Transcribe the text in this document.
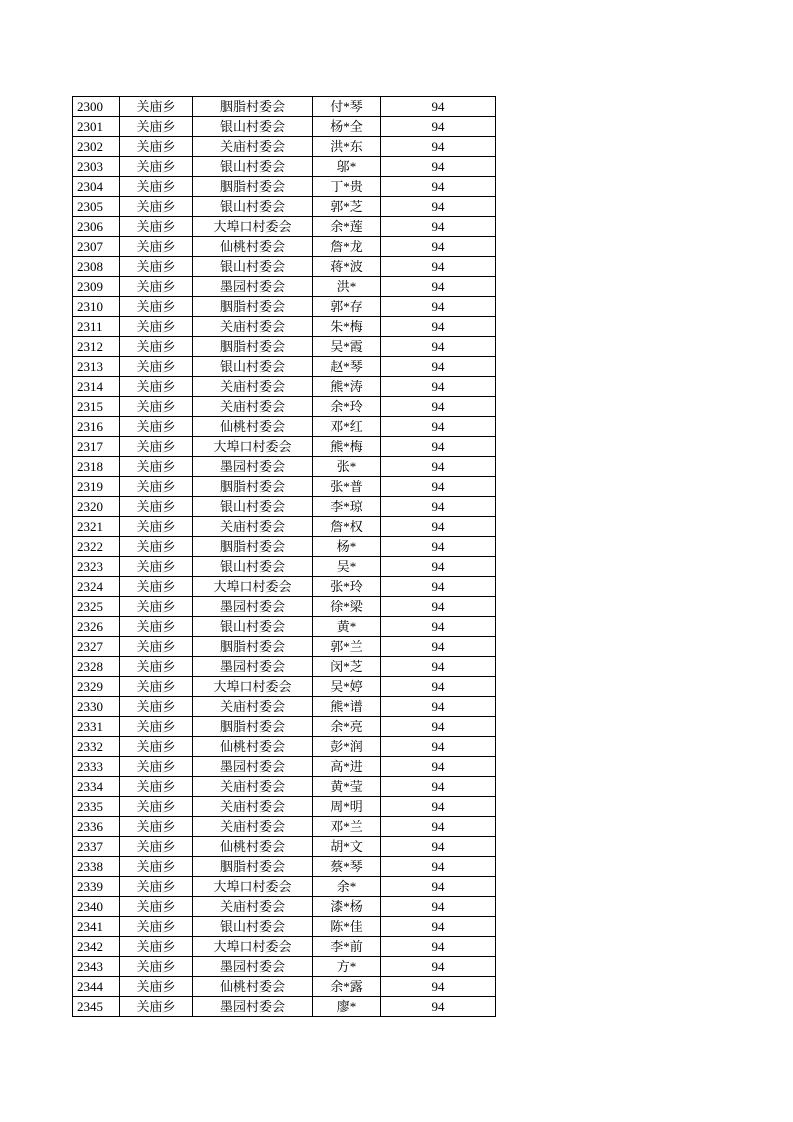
2300	关庙乡	胭脂村委会	付*琴	94
2301	关庙乡	银山村委会	杨*全	94
2302	关庙乡	关庙村委会	洪*东	94
2303	关庙乡	银山村委会	邬*	94
2304	关庙乡	胭脂村委会	丁*贵	94
2305	关庙乡	银山村委会	郭*芝	94
2306	关庙乡	大埠口村委会	余*莲	94
2307	关庙乡	仙桃村委会	詹*龙	94
2308	关庙乡	银山村委会	蒋*波	94
2309	关庙乡	墨园村委会	洪*	94
2310	关庙乡	胭脂村委会	郭*存	94
2311	关庙乡	关庙村委会	朱*梅	94
2312	关庙乡	胭脂村委会	吴*霞	94
2313	关庙乡	银山村委会	赵*琴	94
2314	关庙乡	关庙村委会	熊*涛	94
2315	关庙乡	关庙村委会	余*玲	94
2316	关庙乡	仙桃村委会	邓*红	94
2317	关庙乡	大埠口村委会	熊*梅	94
2318	关庙乡	墨园村委会	张*	94
2319	关庙乡	胭脂村委会	张*普	94
2320	关庙乡	银山村委会	李*琼	94
2321	关庙乡	关庙村委会	詹*权	94
2322	关庙乡	胭脂村委会	杨*	94
2323	关庙乡	银山村委会	吴*	94
2324	关庙乡	大埠口村委会	张*玲	94
2325	关庙乡	墨园村委会	徐*梁	94
2326	关庙乡	银山村委会	黄*	94
2327	关庙乡	胭脂村委会	郭*兰	94
2328	关庙乡	墨园村委会	闵*芝	94
2329	关庙乡	大埠口村委会	吴*婷	94
2330	关庙乡	关庙村委会	熊*谱	94
2331	关庙乡	胭脂村委会	余*亮	94
2332	关庙乡	仙桃村委会	彭*润	94
2333	关庙乡	墨园村委会	高*进	94
2334	关庙乡	关庙村委会	黄*莹	94
2335	关庙乡	关庙村委会	周*明	94
2336	关庙乡	关庙村委会	邓*兰	94
2337	关庙乡	仙桃村委会	胡*文	94
2338	关庙乡	胭脂村委会	蔡*琴	94
2339	关庙乡	大埠口村委会	余*	94
2340	关庙乡	关庙村委会	漆*杨	94
2341	关庙乡	银山村委会	陈*佳	94
2342	关庙乡	大埠口村委会	李*前	94
2343	关庙乡	墨园村委会	方*	94
2344	关庙乡	仙桃村委会	余*露	94
2345	关庙乡	墨园村委会	廖*	94
